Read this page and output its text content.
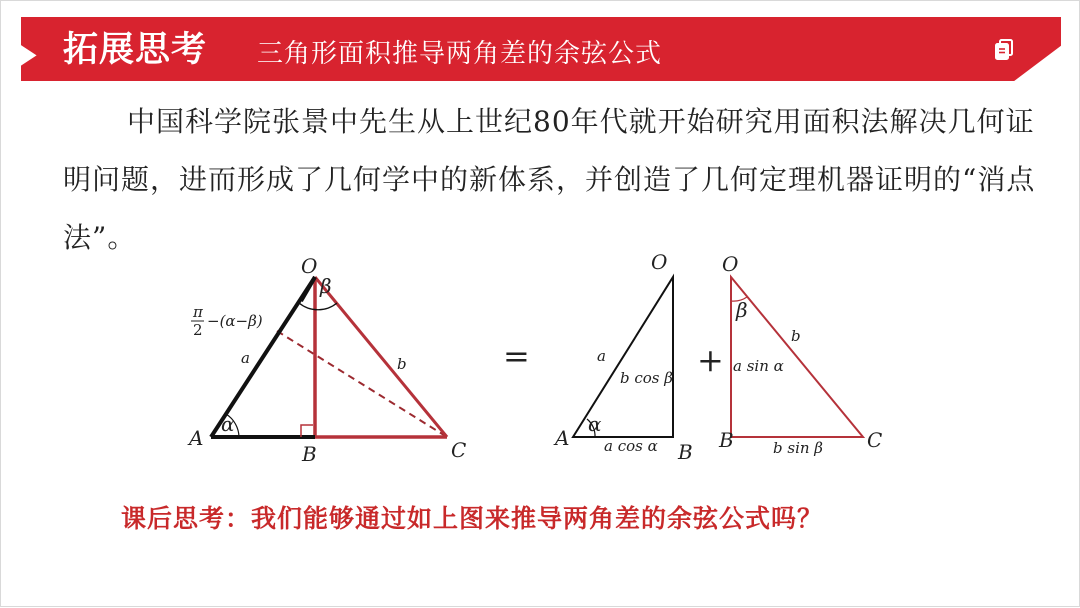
拓展思考 三角形面积推导两角差的余弦公式

中国科学院张景中先生从上世纪80年代就开始研究用面积法解决几何证明问题，进而形成了几何学中的新体系，并创造了几何定理机器证明的“消点法”。

O
β
A
α
B	C
a	b
π
2 −(α−β)
=
O
A
α
B
a
b cos β
a cos α
+
O
β
B	C
b
a sin α
b sin β
课后思考：我们能够通过如上图来推导两角差的余弦公式吗？
